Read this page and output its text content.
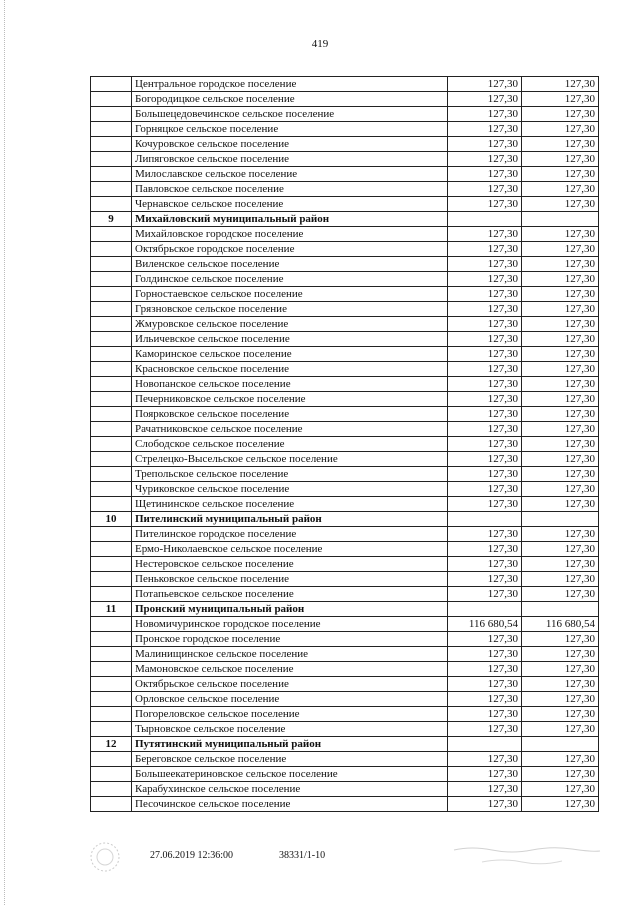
419
	Центральное городское поселение	127,30	127,30
	Богородицкое сельское поселение	127,30	127,30
	Большецедовечинское сельское поселение	127,30	127,30
	Горняцкое сельское поселение	127,30	127,30
	Кочуровское сельское поселение	127,30	127,30
	Липяговское сельское поселение	127,30	127,30
	Милославское сельское поселение	127,30	127,30
	Павловское сельское поселение	127,30	127,30
	Чернавское сельское поселение	127,30	127,30
9	Михайловский муниципальный район		
	Михайловское городское поселение	127,30	127,30
	Октябрьское городское поселение	127,30	127,30
	Виленское сельское поселение	127,30	127,30
	Голдинское сельское поселение	127,30	127,30
	Горностаевское сельское поселение	127,30	127,30
	Грязновское сельское поселение	127,30	127,30
	Жмуровское сельское поселение	127,30	127,30
	Ильичевское сельское поселение	127,30	127,30
	Каморинское сельское поселение	127,30	127,30
	Красновское сельское поселение	127,30	127,30
	Новопанское сельское поселение	127,30	127,30
	Печерниковское сельское поселение	127,30	127,30
	Поярковское сельское поселение	127,30	127,30
	Рачатниковское сельское поселение	127,30	127,30
	Слободское сельское поселение	127,30	127,30
	Стрелецко-Высельское сельское поселение	127,30	127,30
	Трепольское сельское поселение	127,30	127,30
	Чуриковское сельское поселение	127,30	127,30
	Щетининское сельское поселение	127,30	127,30
10	Пителинский муниципальный район		
	Пителинское городское поселение	127,30	127,30
	Ермо-Николаевское сельское поселение	127,30	127,30
	Нестеровское сельское поселение	127,30	127,30
	Пеньковское сельское поселение	127,30	127,30
	Потапьевское сельское поселение	127,30	127,30
11	Пронский муниципальный район		
	Новомичуринское городское поселение	116 680,54	116 680,54
	Пронское городское поселение	127,30	127,30
	Малинищинское сельское поселение	127,30	127,30
	Мамоновское сельское поселение	127,30	127,30
	Октябрьское сельское поселение	127,30	127,30
	Орловское сельское поселение	127,30	127,30
	Погореловское сельское поселение	127,30	127,30
	Тырновское сельское поселение	127,30	127,30
12	Путятинский муниципальный район		
	Береговское сельское поселение	127,30	127,30
	Большеекатериновское сельское поселение	127,30	127,30
	Карабухинское сельское поселение	127,30	127,30
	Песочинское сельское поселение	127,30	127,30
27.06.2019 12:36:00	38331/1-10
